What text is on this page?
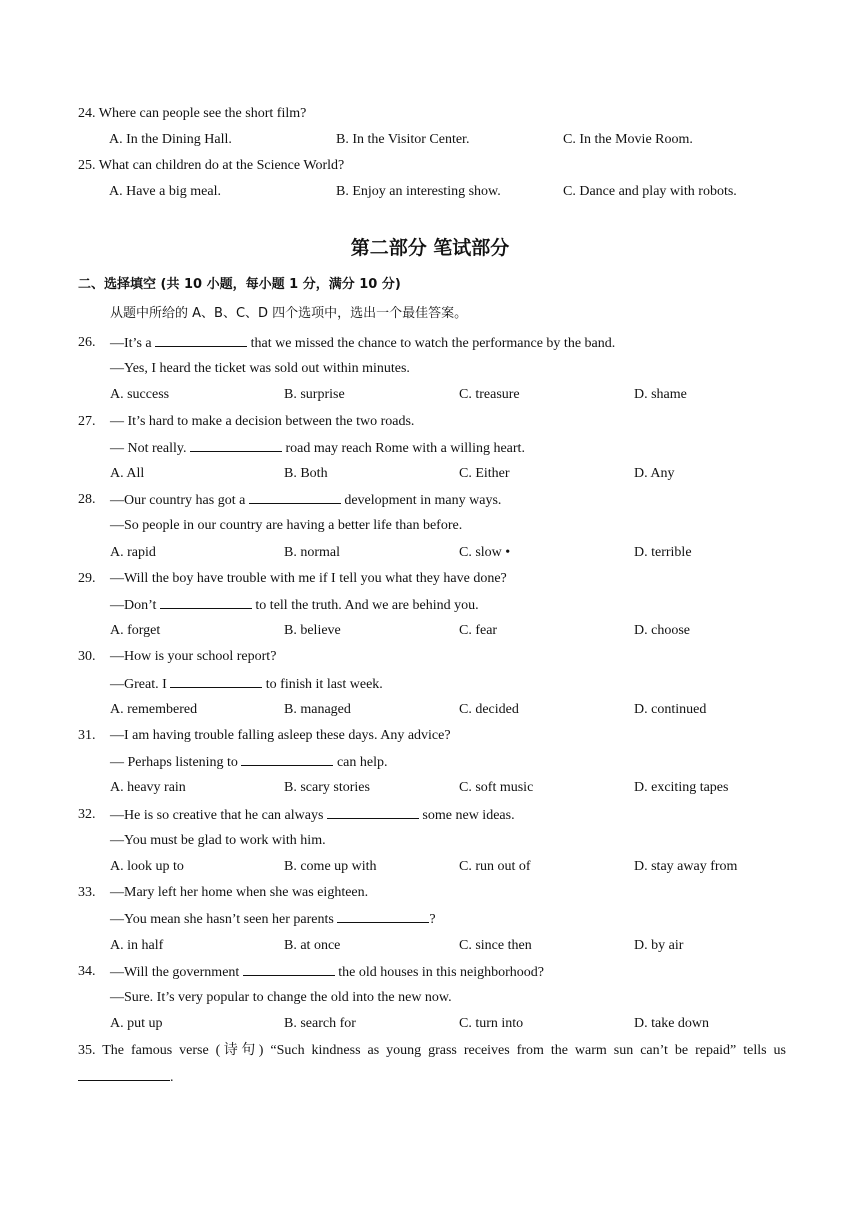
24. Where can people see the short film?
A. In the Dining Hall.	B. In the Visitor Center.	C. In the Movie Room.
25. What can children do at the Science World?
A. Have a big meal.	B. Enjoy an interesting show.	C. Dance and play with robots.
第二部分 笔试部分
二、选择填空 (共 10 小题，每小题 1 分，满分 10 分)
从题中所给的 A、B、C、D 四个选项中，选出一个最佳答案。
26. —It’s a	that we missed the chance to watch the performance by the band.
—Yes, I heard the ticket was sold out within minutes.
A. success	B. surprise	C. treasure	D. shame
27. — It’s hard to make a decision between the two roads.
— Not really.	road may reach Rome with a willing heart.
A. All	B. Both	C. Either	D. Any
28. —Our country has got a	development in many ways.
—So people in our country are having a better life than before.
A. rapid	B. normal	C. slow •	D. terrible
29. —Will the boy have trouble with me if I tell you what they have done?
—Don’t	to tell the truth. And we are behind you.
A. forget	B. believe	C. fear	D. choose
30. —How is your school report?
—Great. I	to finish it last week.
A. remembered	B. managed	C. decided	D. continued
31. —I am having trouble falling asleep these days. Any advice?
— Perhaps listening to	can help.
A. heavy rain	B. scary stories	C. soft music	D. exciting tapes
32. —He is so creative that he can always	some new ideas.
—You must be glad to work with him.
A. look up to	B. come up with	C. run out of	D. stay away from
33. —Mary left her home when she was eighteen.
—You mean she hasn’t seen her parents	?
A. in half	B. at once	C. since then	D. by air
34. —Will the government	the old houses in this neighborhood?
—Sure. It’s very popular to change the old into the new now.
A. put up	B. search for	C. turn into	D. take down
35. The famous verse (诗句) “Such kindness as young grass receives from the warm sun can’t be repaid” tells us
.
